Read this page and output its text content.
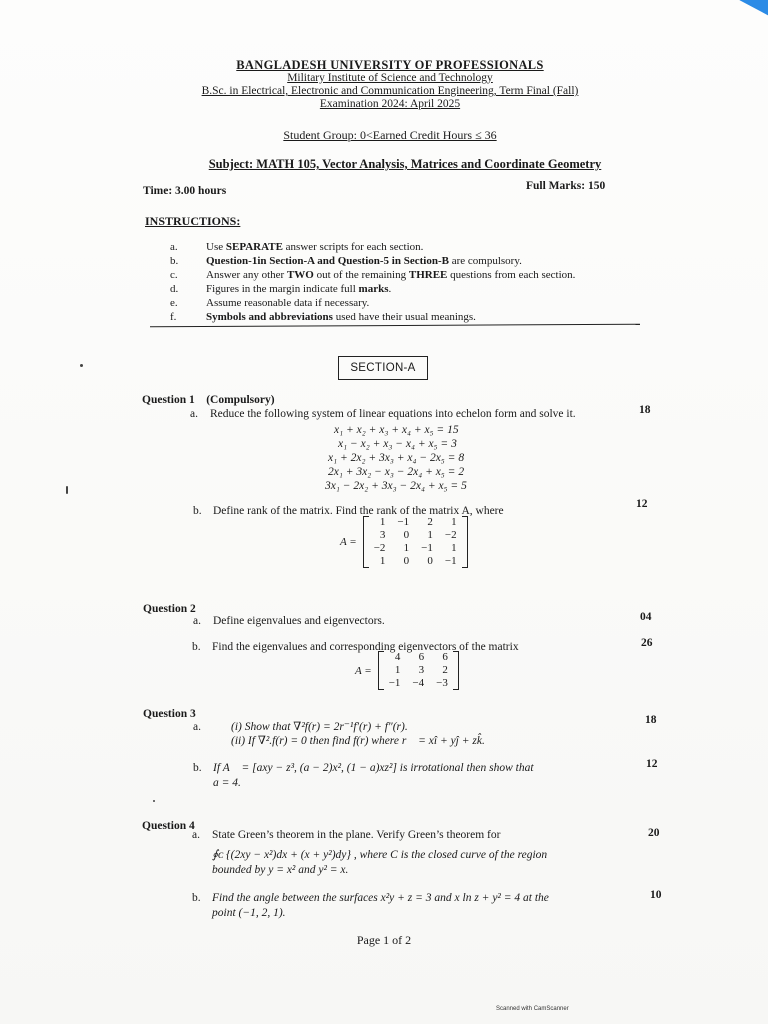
BANGLADESH UNIVERSITY OF PROFESSIONALS
Military Institute of Science and Technology
B.Sc. in Electrical, Electronic and Communication Engineering, Term Final (Fall)
Examination 2024: April 2025
Student Group: 0<Earned Credit Hours ≤ 36
Subject: MATH 105, Vector Analysis, Matrices and Coordinate Geometry
Time: 3.00 hours	Full Marks: 150
INSTRUCTIONS:
a.	Use SEPARATE answer scripts for each section.
b.	Question-1in Section-A and Question-5 in Section-B are compulsory.
c.	Answer any other TWO out of the remaining THREE questions from each section.
d.	Figures in the margin indicate full marks.
e.	Assume reasonable data if necessary.
f.	Symbols and abbreviations used have their usual meanings.
SECTION-A
Question 1 (Compulsory)
a. Reduce the following system of linear equations into echelon form and solve it.	18
x₁ + x₂ + x₃ + x₄ + x₅ = 15
x₁ − x₂ + x₃ − x₄ + x₅ = 3
x₁ + 2x₂ + 3x₃ + x₄ − 2x₅ = 8
2x₁ + 3x₂ − x₃ − 2x₄ + x₅ = 2
3x₁ − 2x₂ + 3x₃ − 2x₄ + x₅ = 5
b. Define rank of the matrix. Find the rank of the matrix A, where
12
A =
1	−1	2	1
3	0	1	−2
−2	1	−1	1
1	0	0	−1
Question 2
a. Define eigenvalues and eigenvectors.	04
b. Find the eigenvalues and corresponding eigenvectors of the matrix	26
A =
4	6	6
1	3	2
−1	−4	−3
Question 3
a.	(i) Show that ∇²f(r) = 2r⁻¹f′(r) + f″(r).
(ii) If ∇².f(r) = 0 then find f(r) where r⃗ = xî + yĵ + zk̂.
18
b. If A⃗ = [axy − z³, (a − 2)x², (1 − a)xz²] is irrotational then show that
a = 4.
12
Question 4
a. State Green’s theorem in the plane. Verify Green’s theorem for
∮ᴄ {(2xy − x²)dx + (x + y²)dy} , where C is the closed curve of the region
bounded by y = x² and y² = x.
20
b. Find the angle between the surfaces x²y + z = 3 and x ln z + y² = 4 at the
point (−1, 2, 1).
10
Page 1 of 2
Scanned with CamScanner
